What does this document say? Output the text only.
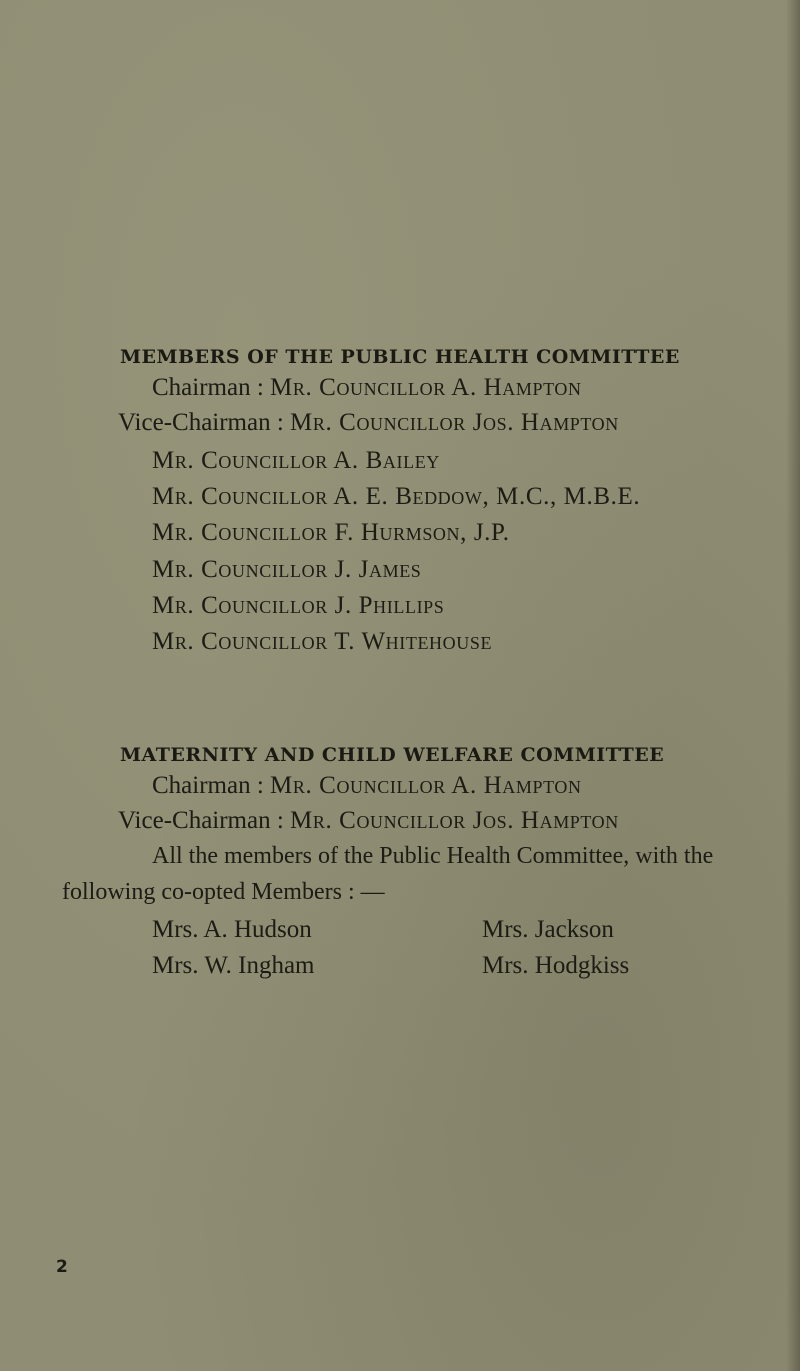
MEMBERS OF THE PUBLIC HEALTH COMMITTEE
Chairman : Mr. Councillor A. Hampton
Vice-Chairman : Mr. Councillor Jos. Hampton
Mr. Councillor A. Bailey
Mr. Councillor A. E. Beddow, M.C., M.B.E.
Mr. Councillor F. Hurmson, J.P.
Mr. Councillor J. James
Mr. Councillor J. Phillips
Mr. Councillor T. Whitehouse
MATERNITY AND CHILD WELFARE COMMITTEE
Chairman : Mr. Councillor A. Hampton
Vice-Chairman : Mr. Councillor Jos. Hampton
All the members of the Public Health Committee, with the
following co-opted Members : —
Mrs. A. Hudson	Mrs. Jackson
Mrs. W. Ingham	Mrs. Hodgkiss
2
